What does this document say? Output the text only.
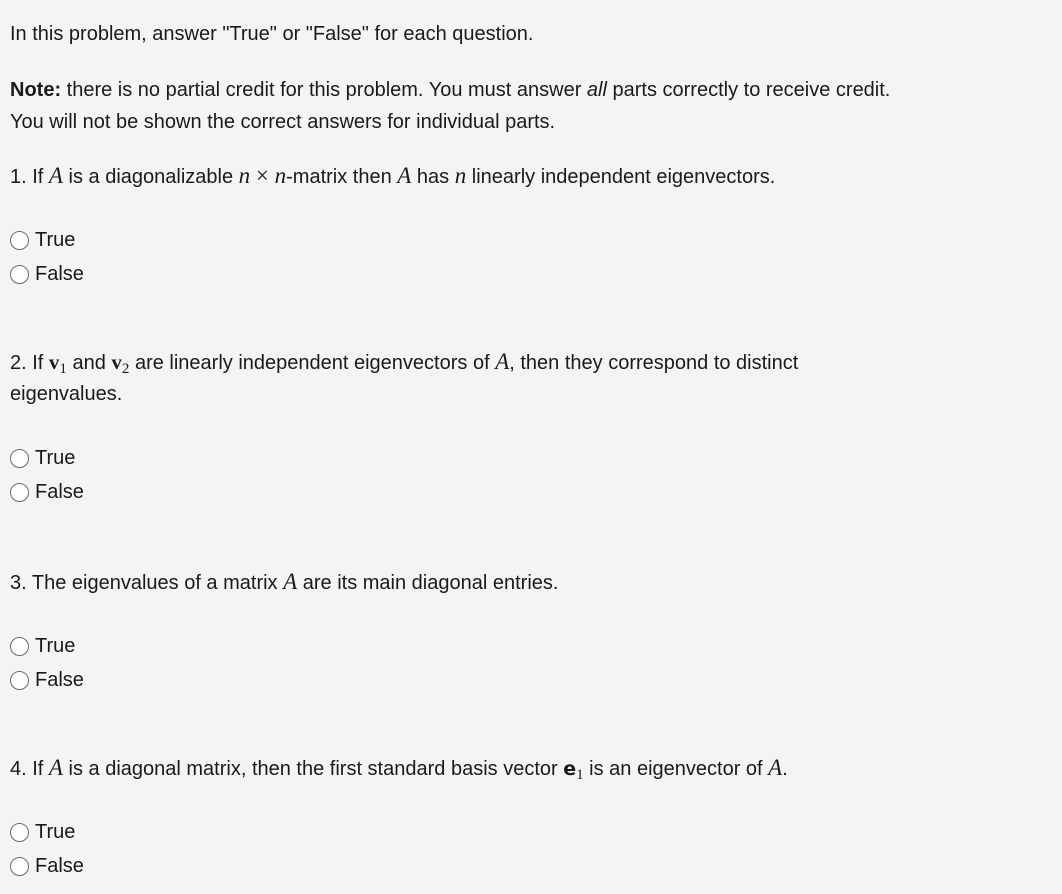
In this problem, answer "True" or "False" for each question.

Note: there is no partial credit for this problem. You must answer all parts correctly to receive credit.

You will not be shown the correct answers for individual parts.

1. If A is a diagonalizable n × n-matrix then A has n linearly independent eigenvectors.

True
False

2. If $v_1$ and $v_2$ are linearly independent eigenvectors of A, then they correspond to distinct

eigenvalues.

True
False

3. The eigenvalues of a matrix A are its main diagonal entries.

True
False

4. If A is a diagonal matrix, then the first standard basis vector $e_1$ is an eigenvector of A.

True
False
